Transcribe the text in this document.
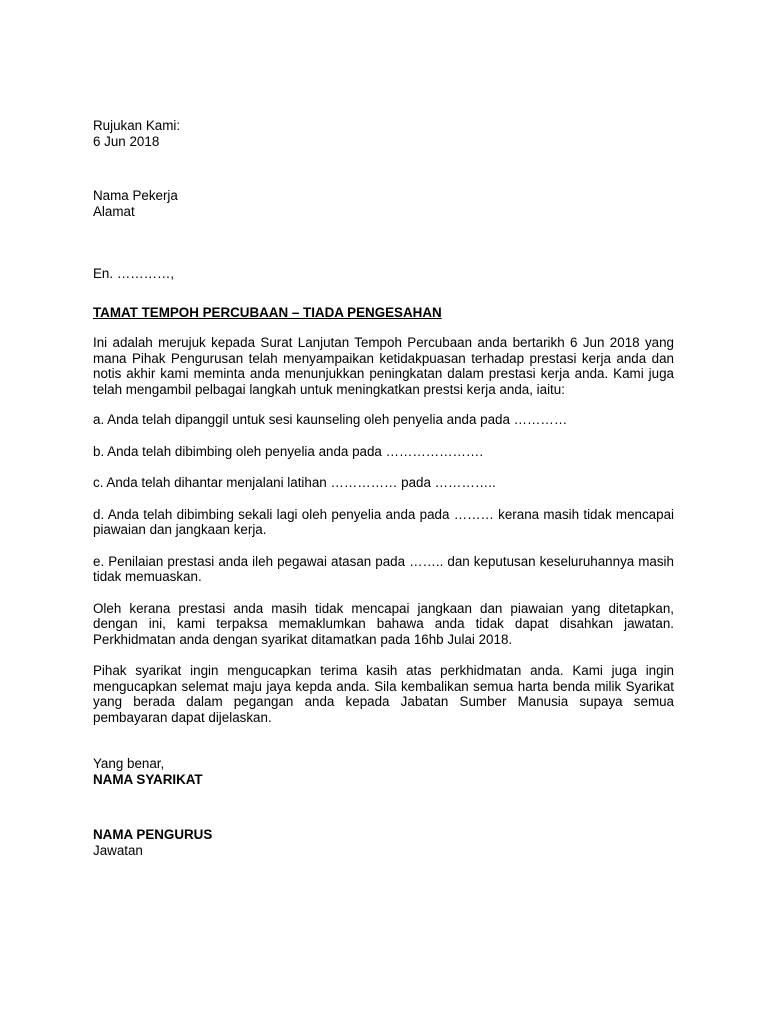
Rujukan Kami:
6 Jun 2018
Nama Pekerja
Alamat
En. …………,

TAMAT TEMPOH PERCUBAAN – TIADA PENGESAHAN

Ini adalah merujuk kepada Surat Lanjutan Tempoh Percubaan anda bertarikh 6 Jun 2018 yang mana Pihak Pengurusan telah menyampaikan ketidakpuasan terhadap prestasi kerja anda dan notis akhir kami meminta anda menunjukkan peningkatan dalam prestasi kerja anda. Kami juga telah mengambil pelbagai langkah untuk meningkatkan prestsi kerja anda, iaitu:

a. Anda telah dipanggil untuk sesi kaunseling oleh penyelia anda pada …………

b. Anda telah dibimbing oleh penyelia anda pada ………………….

c. Anda telah dihantar menjalani latihan …………… pada …………..

d. Anda telah dibimbing sekali lagi oleh penyelia anda pada ……… kerana masih tidak mencapai piawaian dan jangkaan kerja.

e. Penilaian prestasi anda ileh pegawai atasan pada …….. dan keputusan keseluruhannya masih tidak memuaskan.

Oleh kerana prestasi anda masih tidak mencapai jangkaan dan piawaian yang ditetapkan, dengan ini, kami terpaksa memaklumkan bahawa anda tidak dapat disahkan jawatan. Perkhidmatan anda dengan syarikat ditamatkan pada 16hb Julai 2018.

Pihak syarikat ingin mengucapkan terima kasih atas perkhidmatan anda. Kami juga ingin mengucapkan selemat maju jaya kepda anda. Sila kembalikan semua harta benda milik Syarikat yang berada dalam pegangan anda kepada Jabatan Sumber Manusia supaya semua pembayaran dapat dijelaskan.

Yang benar,
NAMA SYARIKAT
NAMA PENGURUS
Jawatan
